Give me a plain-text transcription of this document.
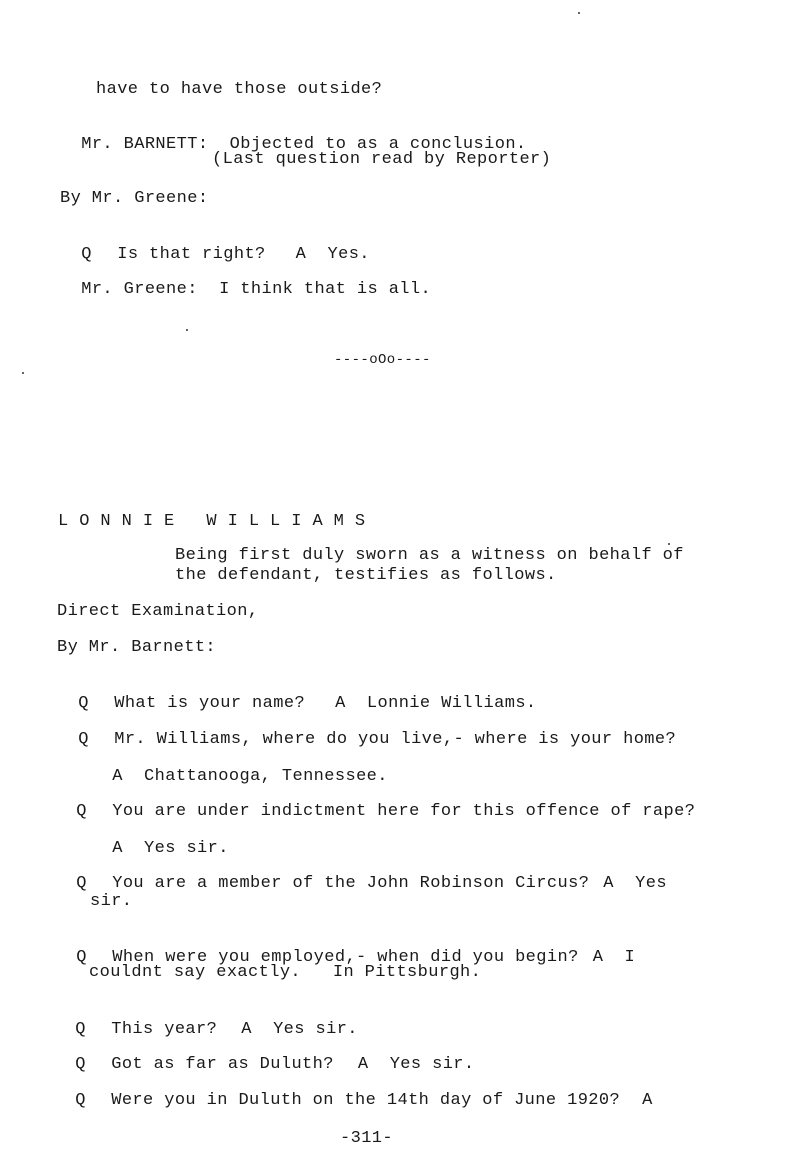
have to have those outside?

Mr. BARNETT: Objected to as a conclusion.

(Last question read by Reporter)
By Mr. Greene:

Q Is that right? A Yes.

Mr. Greene: I think that is all.

----oOo----
L O N N I E   W I L L I A M S
Being first duly sworn as a witness on behalf of
the defendant, testifies as follows.
Direct Examination,
By Mr. Barnett:

Q What is your name? A Lonnie Williams.

Q Mr. Williams, where do you live,- where is your home?

A Chattanooga, Tennessee.

Q You are under indictment here for this offence of rape?

A Yes sir.

Q You are a member of the John Robinson Circus? A Yes

sir.

Q When were you employed,- when did you begin? A I

couldnt say exactly.   In Pittsburgh.

Q This year? A Yes sir.

Q Got as far as Duluth? A Yes sir.

Q Were you in Duluth on the 14th day of June 1920? A

-311-
